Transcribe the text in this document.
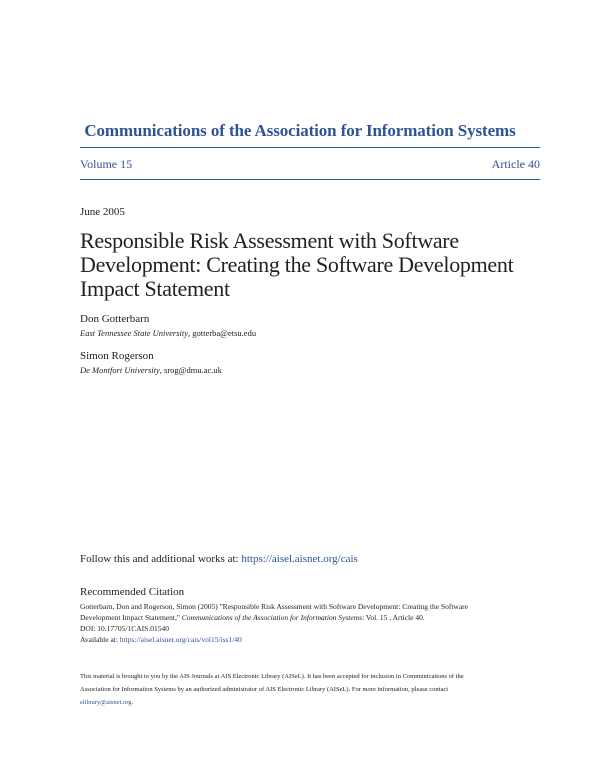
Communications of the Association for Information Systems
Volume 15	Article 40
June 2005
Responsible Risk Assessment with Software
Development: Creating the Software Development
Impact Statement
Don Gotterbarn
East Tennessee State University, gotterba@etsu.edu
Simon Rogerson
De Montfort University, srog@dmu.ac.uk
Follow this and additional works at: https://aisel.aisnet.org/cais
Recommended Citation
Gotterbarn, Don and Rogerson, Simon (2005) "Responsible Risk Assessment with Software Development: Creating the Software
Development Impact Statement," Communications of the Association for Information Systems: Vol. 15 , Article 40.
DOI: 10.17705/1CAIS.01540
Available at: https://aisel.aisnet.org/cais/vol15/iss1/40
This material is brought to you by the AIS Journals at AIS Electronic Library (AISeL). It has been accepted for inclusion in Communications of the
Association for Information Systems by an authorized administrator of AIS Electronic Library (AISeL). For more information, please contact
elibrary@aisnet.org.
